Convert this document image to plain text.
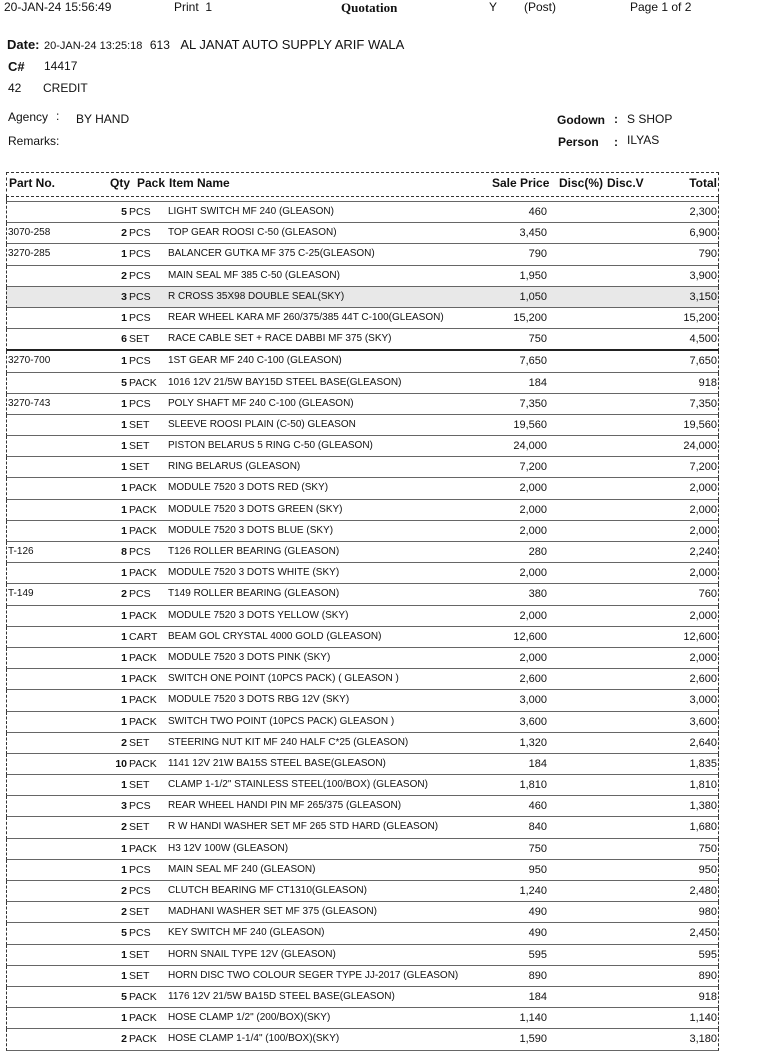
20-JAN-24 15:56:49	Print 1	Quotation	Y (Post)	Page 1 of 2
Date: 20-JAN-24 13:25:18 613 AL JANAT AUTO SUPPLY ARIF WALA
C# 14417
42 CREDIT
Agency : BY HAND
Remarks:
Godown : S SHOP
Person : ILYAS
Part No.	Qty Pack Item Name	Sale Price Disc(%) Disc.V	Total
5 PCS LIGHT SWITCH MF 240 (GLEASON)	460	2,300
3070-258	2 PCS TOP GEAR ROOSI C-50 (GLEASON)	3,450	6,900
3270-285	1 PCS BALANCER GUTKA MF 375 C-25(GLEASON)	790	790
2 PCS MAIN SEAL MF 385 C-50 (GLEASON)	1,950	3,900
3 PCS R CROSS 35X98 DOUBLE SEAL(SKY)	1,050	3,150
1 PCS REAR WHEEL KARA MF 260/375/385 44T C-100(GLEASON)	15,200	15,200
6 SET RACE CABLE SET + RACE DABBI MF 375 (SKY)	750	4,500
3270-700	1 PCS 1ST GEAR MF 240 C-100 (GLEASON)	7,650	7,650
5 PACK 1016 12V 21/5W BAY15D STEEL BASE(GLEASON)	184	918
3270-743	1 PCS POLY SHAFT MF 240 C-100 (GLEASON)	7,350	7,350
1 SET SLEEVE ROOSI PLAIN (C-50) GLEASON	19,560	19,560
1 SET PISTON BELARUS 5 RING C-50 (GLEASON)	24,000	24,000
1 SET RING BELARUS (GLEASON)	7,200	7,200
1 PACK MODULE 7520 3 DOTS RED (SKY)	2,000	2,000
1 PACK MODULE 7520 3 DOTS GREEN (SKY)	2,000	2,000
1 PACK MODULE 7520 3 DOTS BLUE (SKY)	2,000	2,000
T-126	8 PCS T126 ROLLER BEARING (GLEASON)	280	2,240
1 PACK MODULE 7520 3 DOTS WHITE (SKY)	2,000	2,000
T-149	2 PCS T149 ROLLER BEARING (GLEASON)	380	760
1 PACK MODULE 7520 3 DOTS YELLOW (SKY)	2,000	2,000
1 CART BEAM GOL CRYSTAL 4000 GOLD (GLEASON)	12,600	12,600
1 PACK MODULE 7520 3 DOTS PINK (SKY)	2,000	2,000
1 PACK SWITCH ONE POINT (10PCS PACK) ( GLEASON )	2,600	2,600
1 PACK MODULE 7520 3 DOTS RBG 12V (SKY)	3,000	3,000
1 PACK SWITCH TWO POINT (10PCS PACK) GLEASON )	3,600	3,600
2 SET STEERING NUT KIT MF 240 HALF C*25 (GLEASON)	1,320	2,640
10 PACK 1141 12V 21W BA15S STEEL BASE(GLEASON)	184	1,835
1 SET CLAMP 1-1/2" STAINLESS STEEL(100/BOX) (GLEASON)	1,810	1,810
3 PCS REAR WHEEL HANDI PIN MF 265/375 (GLEASON)	460	1,380
2 SET R W HANDI WASHER SET MF 265 STD HARD (GLEASON)	840	1,680
1 PACK H3 12V 100W (GLEASON)	750	750
1 PCS MAIN SEAL MF 240 (GLEASON)	950	950
2 PCS CLUTCH BEARING MF CT1310(GLEASON)	1,240	2,480
2 SET MADHANI WASHER SET MF 375 (GLEASON)	490	980
5 PCS KEY SWITCH MF 240 (GLEASON)	490	2,450
1 SET HORN SNAIL TYPE 12V (GLEASON)	595	595
1 SET HORN DISC TWO COLOUR SEGER TYPE JJ-2017 (GLEASON)	890	890
5 PACK 1176 12V 21/5W BA15D STEEL BASE(GLEASON)	184	918
1 PACK HOSE CLAMP 1/2" (200/BOX)(SKY)	1,140	1,140
2 PACK HOSE CLAMP 1-1/4" (100/BOX)(SKY)	1,590	3,180
